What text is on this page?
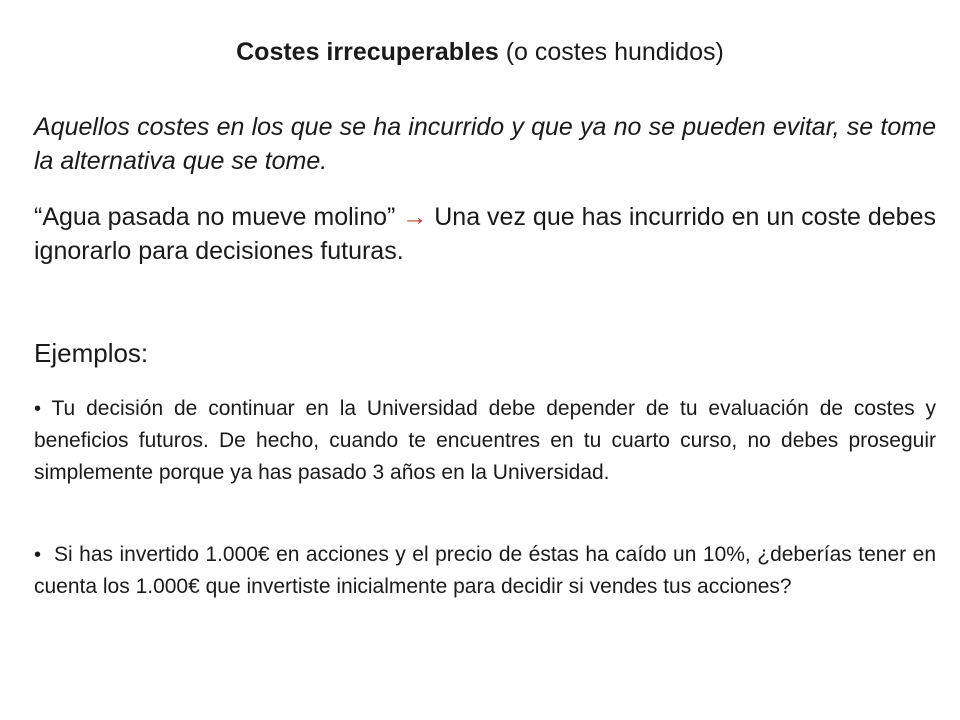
Costes irrecuperables (o costes hundidos)
Aquellos costes en los que se ha incurrido y que ya no se pueden evitar, se tome la alternativa que se tome.
“Agua pasada no mueve molino” → Una vez que has incurrido en un coste debes ignorarlo para decisiones futuras.
Ejemplos:
• Tu decisión de continuar en la Universidad debe depender de tu evaluación de costes y beneficios futuros. De hecho, cuando te encuentres en tu cuarto curso, no debes proseguir simplemente porque ya has pasado 3 años en la Universidad.
• Si has invertido 1.000€ en acciones y el precio de éstas ha caído un 10%, ¿deberías tener en cuenta los 1.000€ que invertiste inicialmente para decidir si vendes tus acciones?
